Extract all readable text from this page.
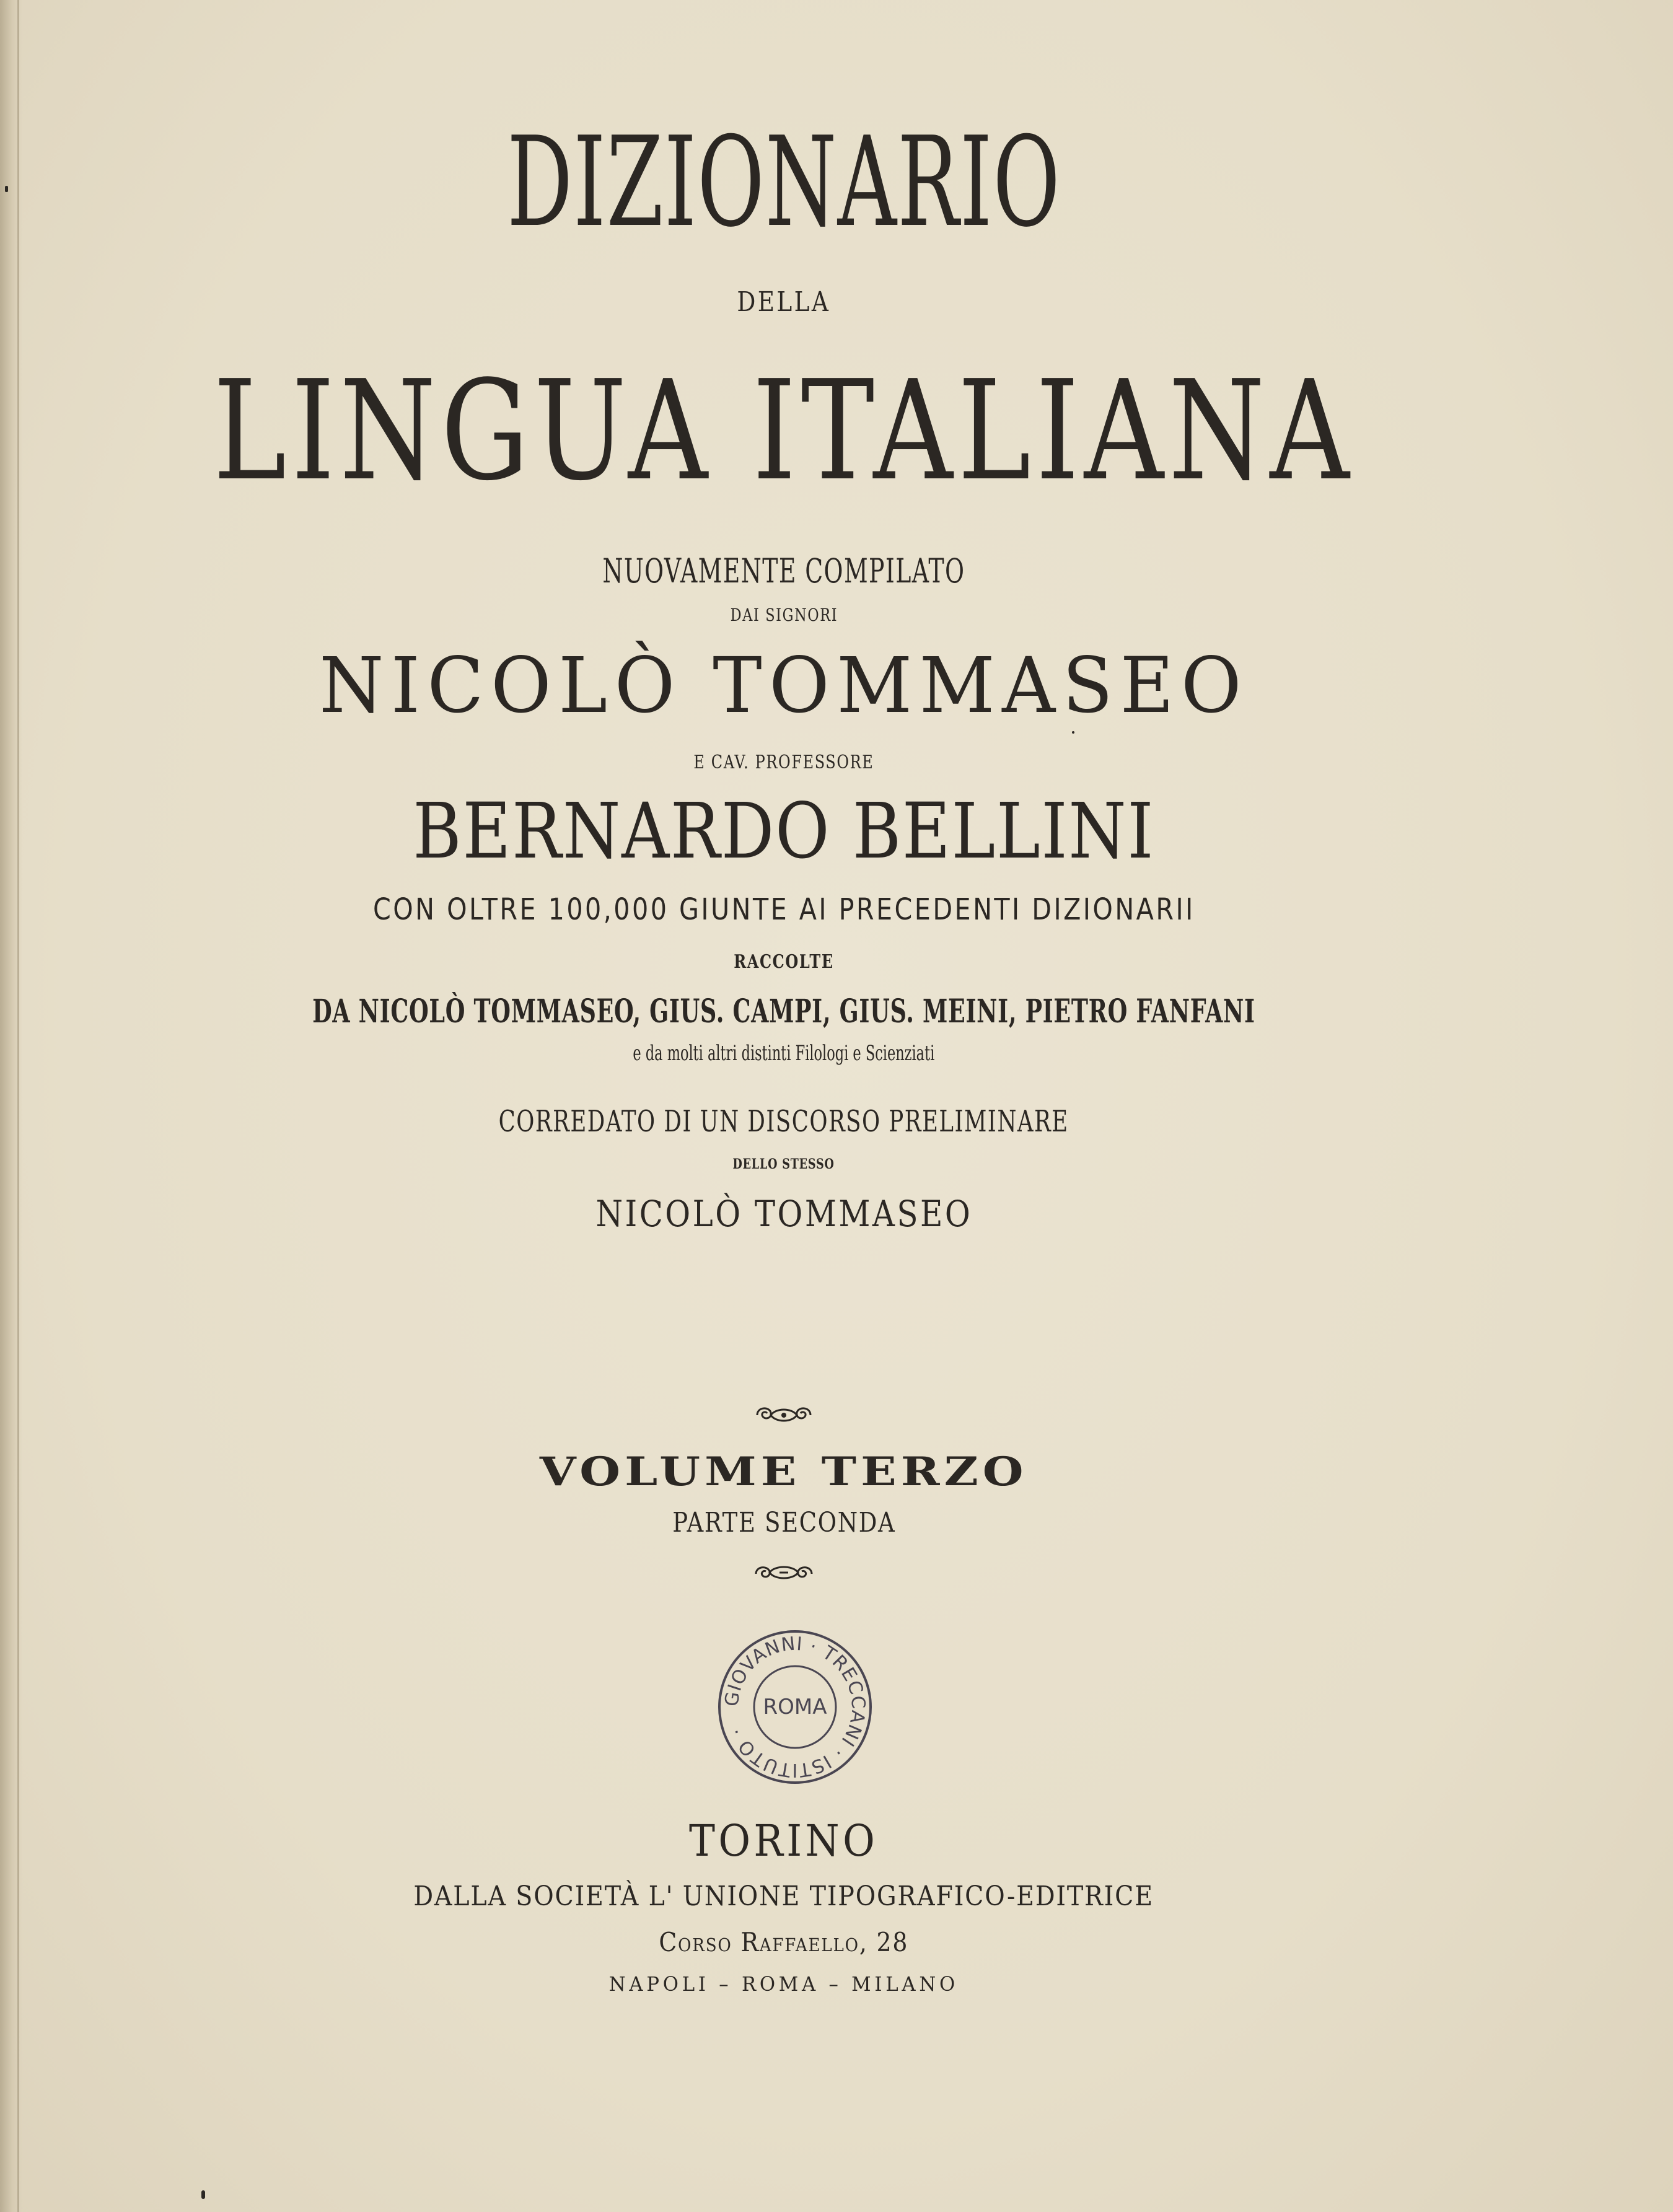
DIZIONARIO
DELLA
LINGUA ITALIANA
NUOVAMENTE COMPILATO
DAI SIGNORI
NICOLÒ TOMMASEO
E CAV. PROFESSORE
BERNARDO BELLINI
CON OLTRE 100,000 GIUNTE AI PRECEDENTI DIZIONARII
RACCOLTE
DA NICOLÒ TOMMASEO, GIUS. CAMPI, GIUS. MEINI, PIETRO FANFANI
e da molti altri distinti Filologi e Scienziati
CORREDATO DI UN DISCORSO PRELIMINARE
DELLO STESSO
NICOLÒ TOMMASEO
VOLUME TERZO
PARTE SECONDA
GIOVANNI · TRECCANI · ISTITUTO ·
ROMA
TORINO
DALLA SOCIETÀ L' UNIONE TIPOGRAFICO-EDITRICE
Corso Raffaello, 28
NAPOLI – ROMA – MILANO
